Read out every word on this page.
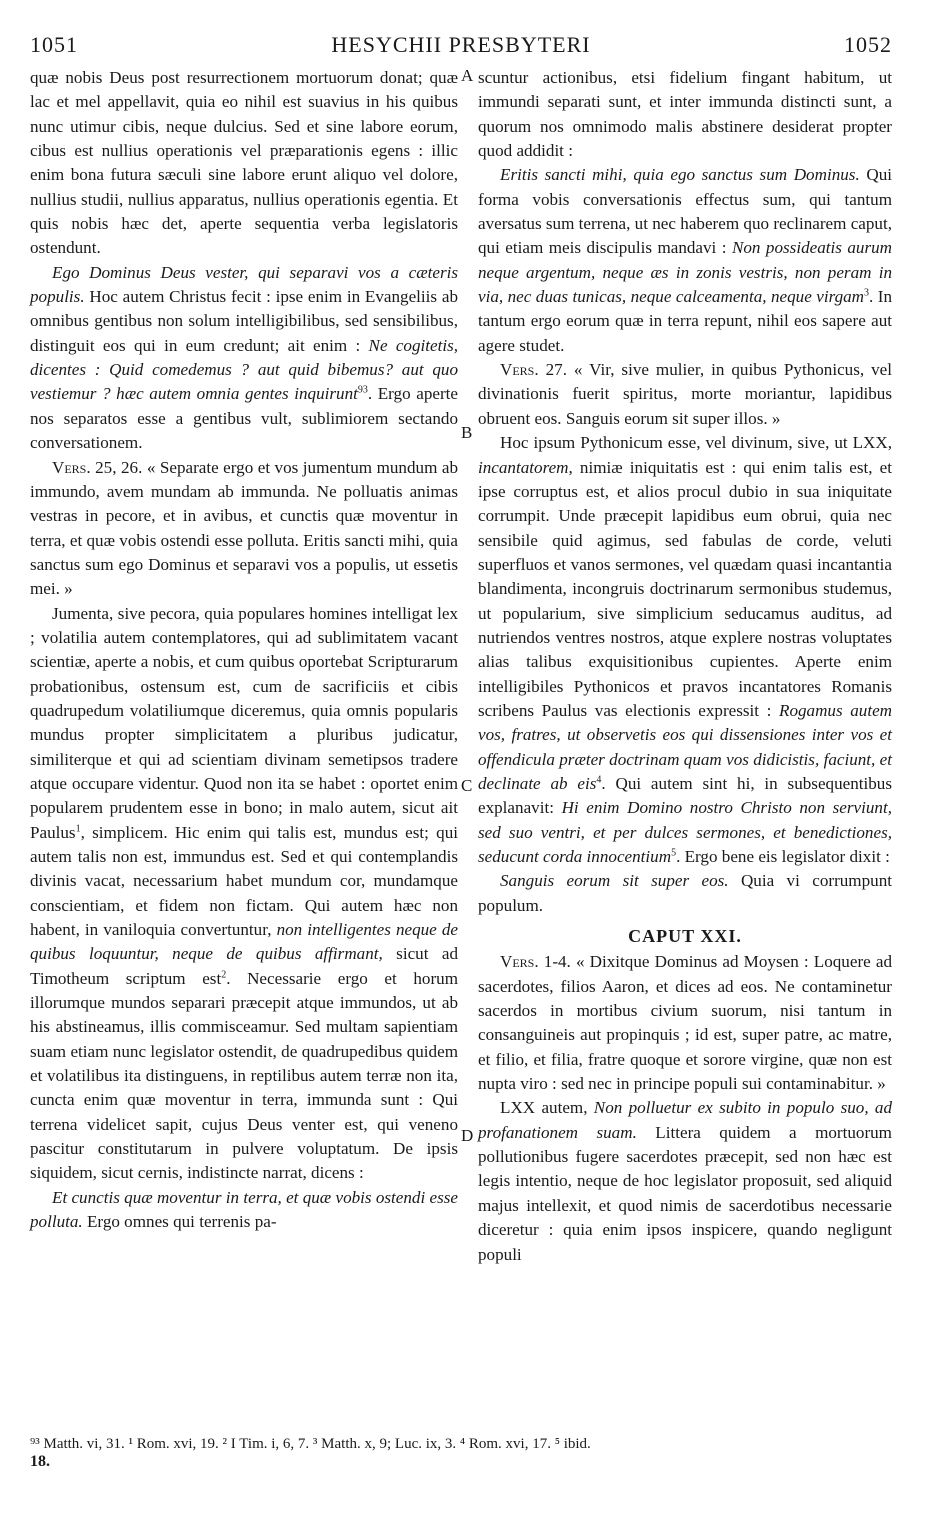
1051	HESYCHII PRESBYTERI	1052
A
B
C
D

quæ nobis Deus post resurrectionem mortuorum donat; quæ lac et mel appellavit, quia eo nihil est suavius in his quibus nunc utimur cibis, neque dulcius. Sed et sine labore eorum, cibus est nullius operationis vel præparationis egens : illic enim bona futura sæculi sine labore erunt aliquo vel dolore, nullius studii, nullius apparatus, nullius operationis egentia. Et quis nobis hæc det, aperte sequentia verba legislatoris ostendunt.

Ego Dominus Deus vester, qui separavi vos a cæteris populis. Hoc autem Christus fecit : ipse enim in Evangeliis ab omnibus gentibus non solum intelligibilibus, sed sensibilibus, distinguit eos qui in eum credunt; ait enim : Ne cogitetis, dicentes : Quid comedemus ? aut quid bibemus? aut quo vestiemur ? hæc autem omnia gentes inquirunt$^{93}$. Ergo aperte nos separatos esse a gentibus vult, sublimiorem sectando conversationem.

Vers. 25, 26. « Separate ergo et vos jumentum mundum ab immundo, avem mundam ab immunda. Ne polluatis animas vestras in pecore, et in avibus, et cunctis quæ moventur in terra, et quæ vobis ostendi esse polluta. Eritis sancti mihi, quia sanctus sum ego Dominus et separavi vos a populis, ut essetis mei. »

Jumenta, sive pecora, quia populares homines intelligat lex ; volatilia autem contemplatores, qui ad sublimitatem vacant scientiæ, aperte a nobis, et cum quibus oportebat Scripturarum probationibus, ostensum est, cum de sacrificiis et cibis quadrupedum volatiliumque diceremus, quia omnis popularis mundus propter simplicitatem a pluribus judicatur, similiterque et qui ad scientiam divinam semetipsos tradere atque occupare videntur. Quod non ita se habet : oportet enim popularem prudentem esse in bono; in malo autem, sicut ait Paulus$^1$, simplicem. Hic enim qui talis est, mundus est; qui autem talis non est, immundus est. Sed et qui contemplandis divinis vacat, necessarium habet mundum cor, mundamque conscientiam, et fidem non fictam. Qui autem hæc non habent, in vaniloquia convertuntur, non intelligentes neque de quibus loquuntur, neque de quibus affirmant, sicut ad Timotheum scriptum est$^2$. Necessarie ergo et horum illorumque mundos separari præcepit atque immundos, ut ab his abstineamus, illis commisceamur. Sed multam sapientiam suam etiam nunc legislator ostendit, de quadrupedibus quidem et volatilibus ita distinguens, in reptilibus autem terræ non ita, cuncta enim quæ moventur in terra, immunda sunt : Qui terrena videlicet sapit, cujus Deus venter est, qui veneno pascitur constitutarum in pulvere voluptatum. De ipsis siquidem, sicut cernis, indistincte narrat, dicens :

Et cunctis quæ moventur in terra, et quæ vobis ostendi esse polluta. Ergo omnes qui terrenis pa-

scuntur actionibus, etsi fidelium fingant habitum, ut immundi separati sunt, et inter immunda distincti sunt, a quorum nos omnimodo malis abstinere desiderat propter quod addidit :

Eritis sancti mihi, quia ego sanctus sum Dominus. Qui forma vobis conversationis effectus sum, qui tantum aversatus sum terrena, ut nec haberem quo reclinarem caput, qui etiam meis discipulis mandavi : Non possideatis aurum neque argentum, neque æs in zonis vestris, non peram in via, nec duas tunicas, neque calceamenta, neque virgam$^3$. In tantum ergo eorum quæ in terra repunt, nihil eos sapere aut agere studet.

Vers. 27. « Vir, sive mulier, in quibus Pythonicus, vel divinationis fuerit spiritus, morte moriantur, lapidibus obruent eos. Sanguis eorum sit super illos. »

Hoc ipsum Pythonicum esse, vel divinum, sive, ut LXX, incantatorem, nimiæ iniquitatis est : qui enim talis est, et ipse corruptus est, et alios procul dubio in sua iniquitate corrumpit. Unde præcepit lapidibus eum obrui, quia nec sensibile quid agimus, sed fabulas de corde, veluti superfluos et vanos sermones, vel quædam quasi incantantia blandimenta, incongruis doctrinarum sermonibus studemus, ut popularium, sive simplicium seducamus auditus, ad nutriendos ventres nostros, atque explere nostras voluptates alias talibus exquisitionibus cupientes. Aperte enim intelligibiles Pythonicos et pravos incantatores Romanis scribens Paulus vas electionis expressit : Rogamus autem vos, fratres, ut observetis eos qui dissensiones inter vos et offendicula præter doctrinam quam vos didicistis, faciunt, et declinate ab eis$^4$. Qui autem sint hi, in subsequentibus explanavit: Hi enim Domino nostro Christo non serviunt, sed suo ventri, et per dulces sermones, et benedictiones, seducunt corda innocentium$^5$. Ergo bene eis legislator dixit :

Sanguis eorum sit super eos. Quia vi corrumpunt populum.

CAPUT XXI.

Vers. 1-4. « Dixitque Dominus ad Moysen : Loquere ad sacerdotes, filios Aaron, et dices ad eos. Ne contaminetur sacerdos in mortibus civium suorum, nisi tantum in consanguineis aut propinquis ; id est, super patre, ac matre, et filio, et filia, fratre quoque et sorore virgine, quæ non est nupta viro : sed nec in principe populi sui contaminabitur. »

LXX autem, Non polluetur ex subito in populo suo, ad profanationem suam. Littera quidem a mortuorum pollutionibus fugere sacerdotes præcepit, sed non hæc est legis intentio, neque de hoc legislator proposuit, sed aliquid majus intellexit, et quod nimis de sacerdotibus necessarie diceretur : quia enim ipsos inspicere, quando negligunt populi

⁹³ Matth. vi, 31. ¹ Rom. xvi, 19. ² I Tim. i, 6, 7. ³ Matth. x, 9; Luc. ix, 3. ⁴ Rom. xvi, 17. ⁵ ibid.
18.
